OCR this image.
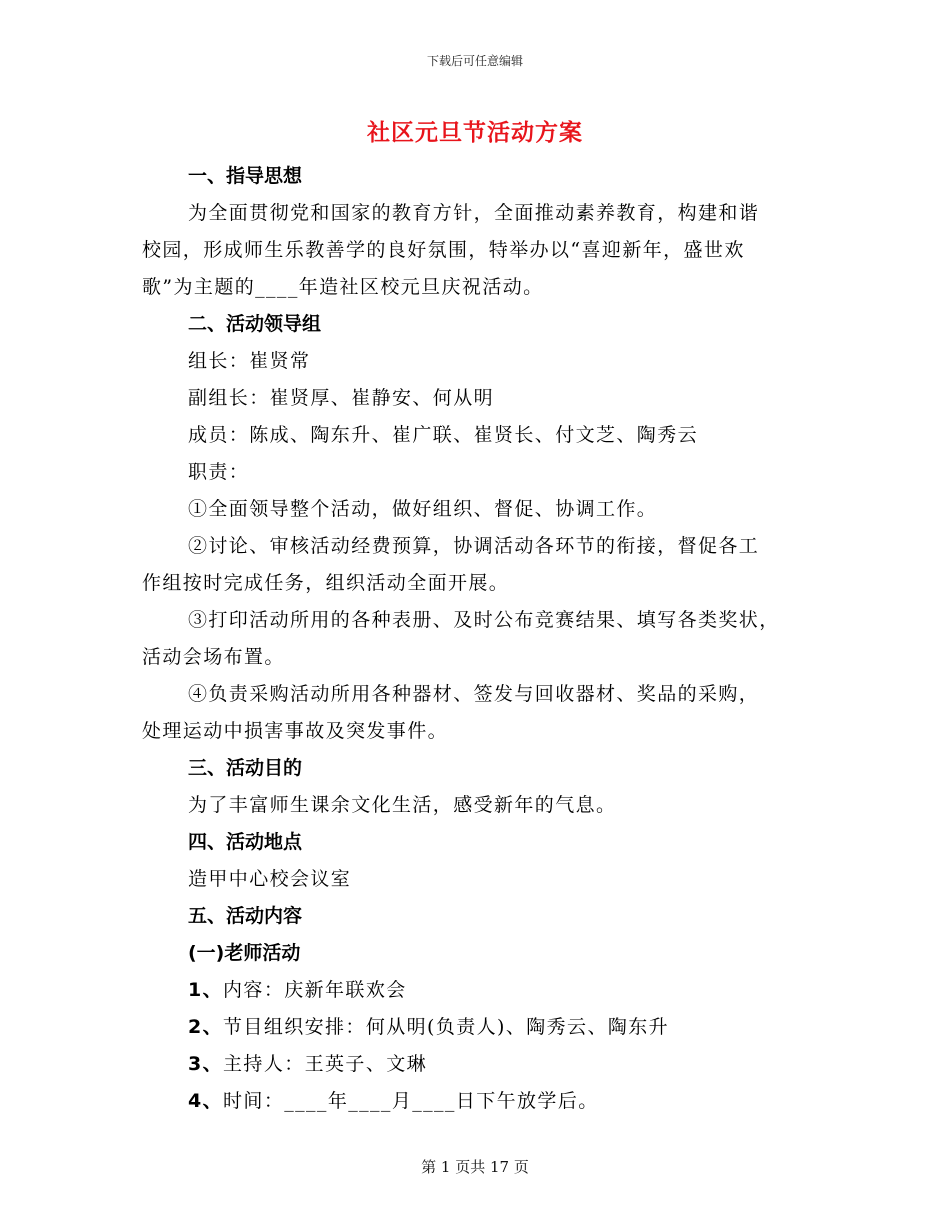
下载后可任意编辑
社区元旦节活动方案
一、指导思想
为全面贯彻党和国家的教育方针，全面推动素养教育，构建和谐
校园，形成师生乐教善学的良好氛围，特举办以“喜迎新年，盛世欢
歌”为主题的____年造社区校元旦庆祝活动。
二、活动领导组
组长：崔贤常
副组长：崔贤厚、崔静安、何从明
成员：陈成、陶东升、崔广联、崔贤长、付文芝、陶秀云
职责：
①全面领导整个活动，做好组织、督促、协调工作。
②讨论、审核活动经费预算，协调活动各环节的衔接，督促各工
作组按时完成任务，组织活动全面开展。
③打印活动所用的各种表册、及时公布竞赛结果、填写各类奖状，
活动会场布置。
④负责采购活动所用各种器材、签发与回收器材、奖品的采购，
处理运动中损害事故及突发事件。
三、活动目的
为了丰富师生课余文化生活，感受新年的气息。
四、活动地点
造甲中心校会议室
五、活动内容
(一)老师活动
1、内容：庆新年联欢会
2、节目组织安排：何从明(负责人)、陶秀云、陶东升
3、主持人：王英子、文琳
4、时间：____年____月____日下午放学后。
第 1 页共 17 页
